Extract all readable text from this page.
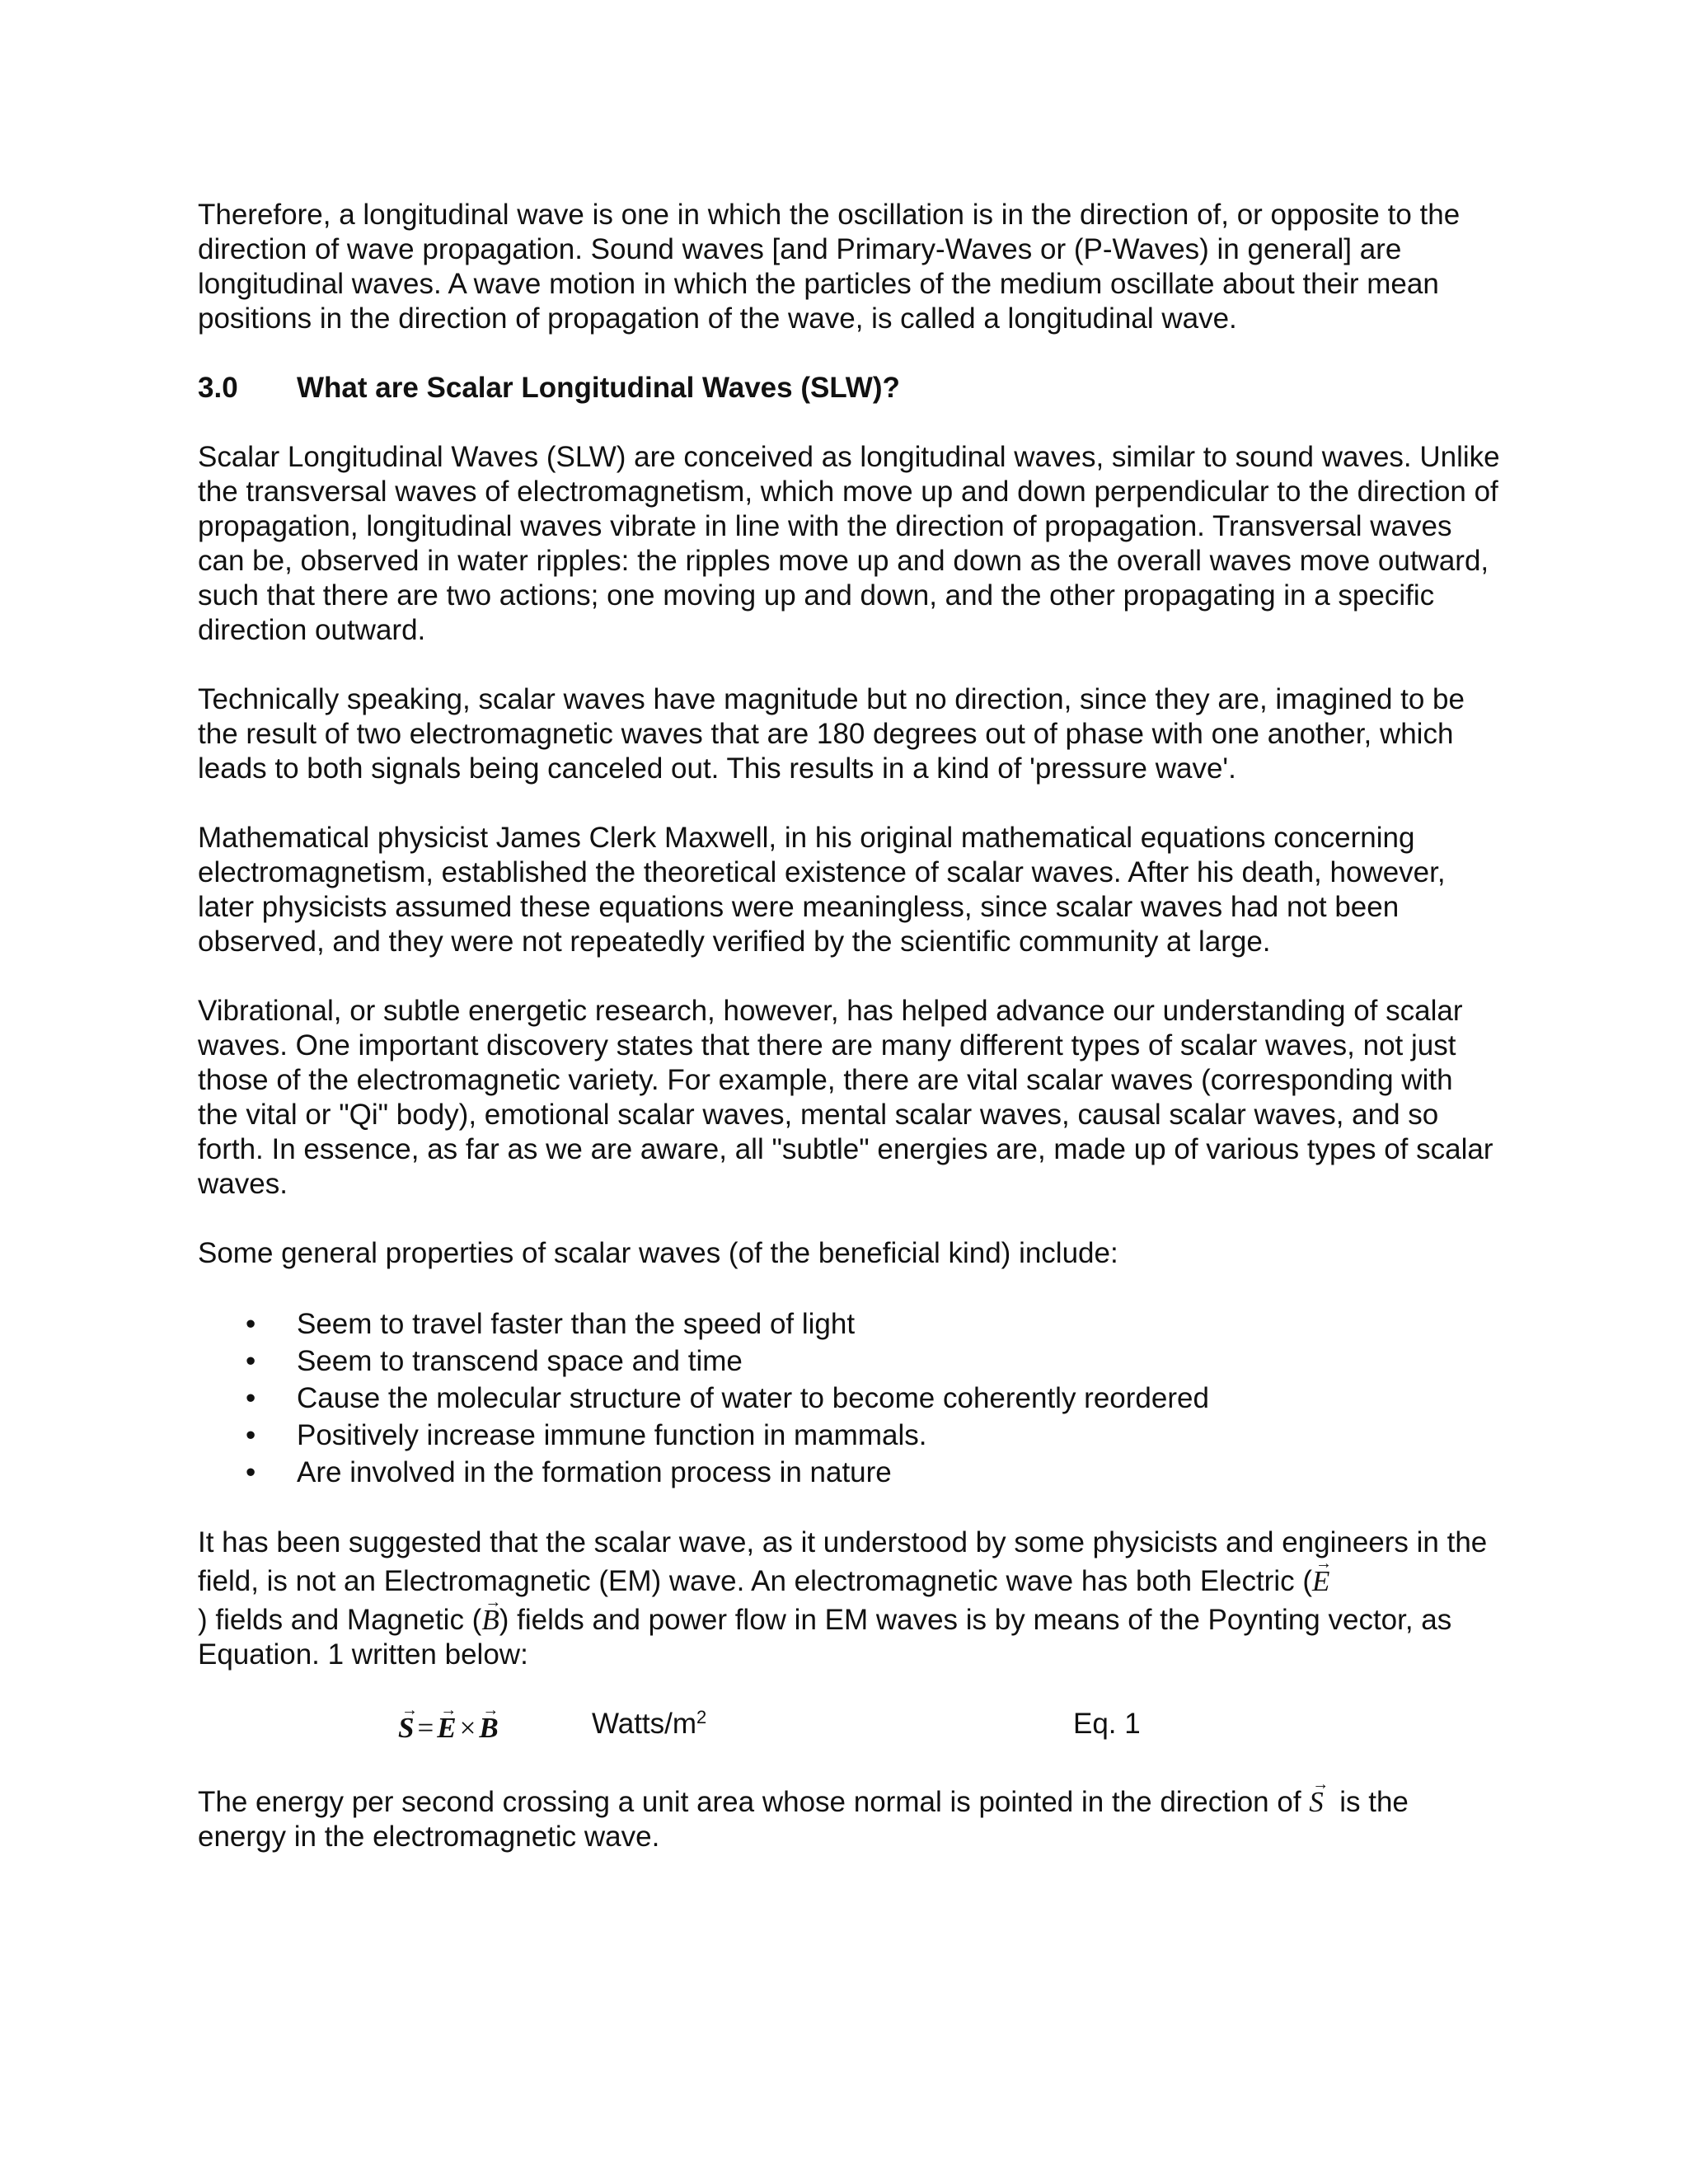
Therefore, a longitudinal wave is one in which the oscillation is in the direction of, or opposite to the direction of wave propagation. Sound waves [and Primary-Waves or (P-Waves) in general] are longitudinal waves. A wave motion in which the particles of the medium oscillate about their mean positions in the direction of propagation of the wave, is called a longitudinal wave.

3.0	What are Scalar Longitudinal Waves (SLW)?

Scalar Longitudinal Waves (SLW) are conceived as longitudinal waves, similar to sound waves. Unlike the transversal waves of electromagnetism, which move up and down perpendicular to the direction of propagation, longitudinal waves vibrate in line with the direction of propagation. Transversal waves can be, observed in water ripples: the ripples move up and down as the overall waves move outward, such that there are two actions; one moving up and down, and the other propagating in a specific direction outward.

Technically speaking, scalar waves have magnitude but no direction, since they are, imagined to be the result of two electromagnetic waves that are 180 degrees out of phase with one another, which leads to both signals being canceled out. This results in a kind of 'pressure wave'.

Mathematical physicist James Clerk Maxwell, in his original mathematical equations concerning electromagnetism, established the theoretical existence of scalar waves. After his death, however, later physicists assumed these equations were meaningless, since scalar waves had not been observed, and they were not repeatedly verified by the scientific community at large.

Vibrational, or subtle energetic research, however, has helped advance our understanding of scalar waves. One important discovery states that there are many different types of scalar waves, not just those of the electromagnetic variety. For example, there are vital scalar waves (corresponding with the vital or "Qi" body), emotional scalar waves, mental scalar waves, causal scalar waves, and so forth. In essence, as far as we are aware, all "subtle" energies are, made up of various types of scalar waves.

Some general properties of scalar waves (of the beneficial kind) include:

• Seem to travel faster than the speed of light
• Seem to transcend space and time
• Cause the molecular structure of water to become coherently reordered
• Positively increase immune function in mammals.
• Are involved in the formation process in nature

It has been suggested that the scalar wave, as it understood by some physicists and engineers in the field, is not an Electromagnetic (EM) wave. An electromagnetic wave has both Electric (→ E
) fields and Magnetic (→ B) fields and power flow in EM waves is by means of the Poynting vector, as Equation. 1 written below:

→ S = → E × → B	Watts/$m^2$	Eq. 1

The energy per second crossing a unit area whose normal is pointed in the direction of → S is the energy in the electromagnetic wave.
